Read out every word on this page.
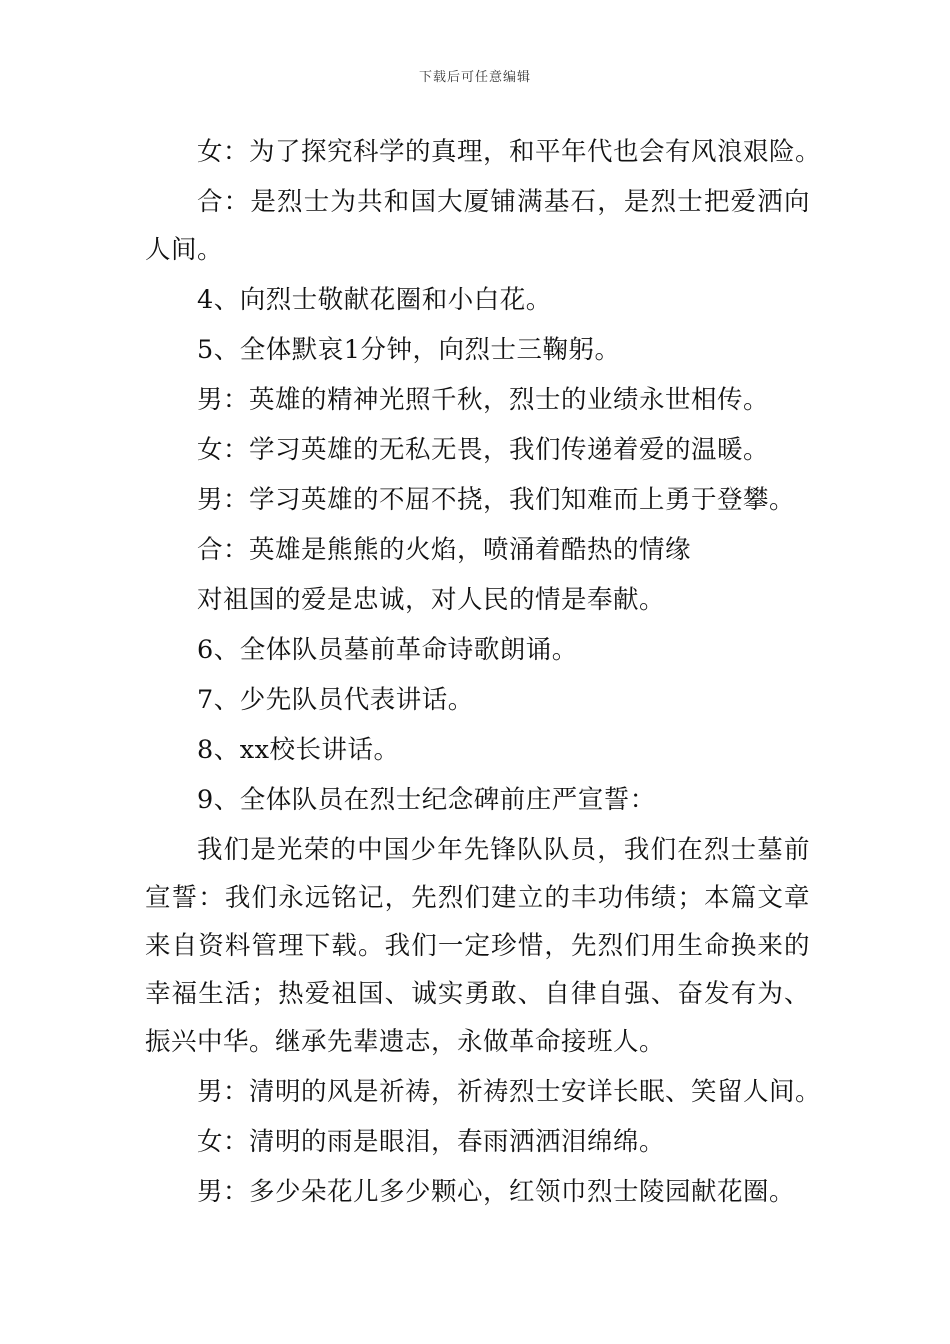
下载后可任意编辑

女：为了探究科学的真理，和平年代也会有风浪艰险。

合：是烈士为共和国大厦铺满基石，是烈士把爱洒向人间。

4、向烈士敬献花圈和小白花。

5、全体默哀1分钟，向烈士三鞠躬。

男：英雄的精神光照千秋，烈士的业绩永世相传。

女：学习英雄的无私无畏，我们传递着爱的温暖。

男：学习英雄的不屈不挠，我们知难而上勇于登攀。

合：英雄是熊熊的火焰，喷涌着酷热的情缘

对祖国的爱是忠诚，对人民的情是奉献。

6、全体队员墓前革命诗歌朗诵。

7、少先队员代表讲话。

8、xx校长讲话。

9、全体队员在烈士纪念碑前庄严宣誓：

我们是光荣的中国少年先锋队队员，我们在烈士墓前宣誓：我们永远铭记，先烈们建立的丰功伟绩；本篇文章来自资料管理下载。我们一定珍惜，先烈们用生命换来的幸福生活；热爱祖国、诚实勇敢、自律自强、奋发有为、振兴中华。继承先辈遗志，永做革命接班人。

男：清明的风是祈祷，祈祷烈士安详长眠、笑留人间。

女：清明的雨是眼泪，春雨洒洒泪绵绵。

男：多少朵花儿多少颗心，红领巾烈士陵园献花圈。
